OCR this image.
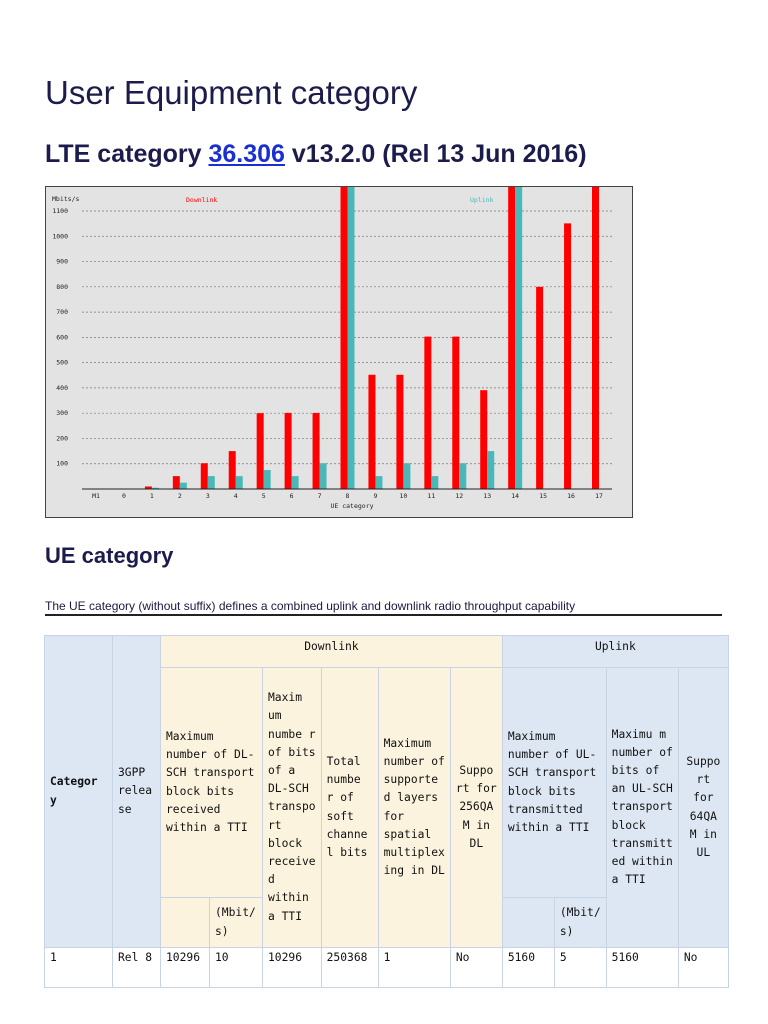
User Equipment category
LTE category 36.306 v13.2.0 (Rel 13 Jun 2016)
100
200
300
400
500
600
700
800
900
1000
1100
Mbits/s	Downlink	Uplink
M1	0	1	2	3	4	5	6	7	8	9	10	11	12	13	14	15	16	17
UE category
UE category
The UE category (without suffix) defines a combined uplink and downlink radio throughput capability
Categor y	3GPP relea se	Downlink						Uplink			
		Maximum number of DL-SCH transport block bits received within a TTI		Maxim um numbe r of bits of a DL-SCH transpo rt block receive d within a TTI	Total numbe r of soft channe l bits	Maximum number of supporte d layers for spatial multiplex ing in DL	Suppo rt for 256QA M in DL	Maximum number of UL-SCH transport block bits transmitted within a TTI		Maximu m number of bits of an UL-SCH transport block transmitt ed within a TTI	Suppo rt for 64QA M in UL
			(Mbit/ s)						(Mbit/ s)		
1	Rel 8	10296	10	10296	250368	1	No	5160	5	5160	No
